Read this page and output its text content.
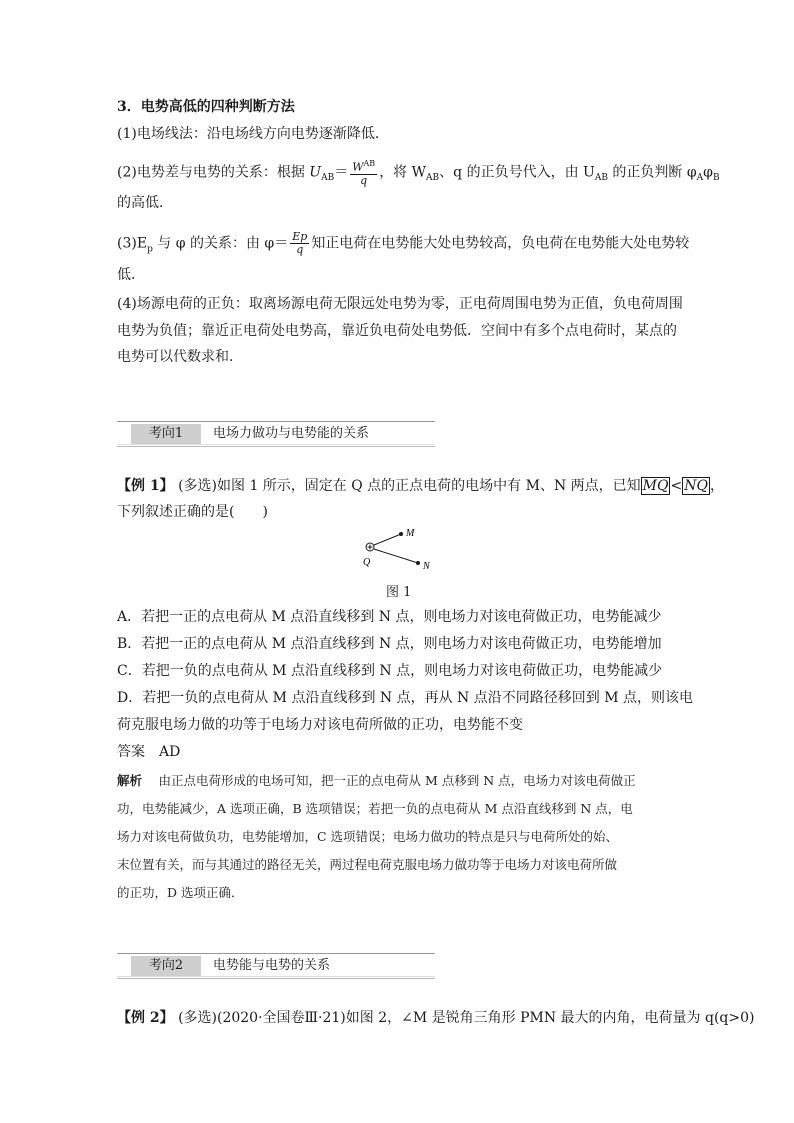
3．电势高低的四种判断方法
(1)电场线法：沿电场线方向电势逐渐降低．
(2)电势差与电势的关系：根据 $U_{AB}= \frac{W^{AB}}{q}$ ，将 $W_{AB}$、q 的正负号代入，由 $U_{AB}$ 的正负判断 $\varphi_A\varphi_B$
的高低．
$(3)E_p$ 与 φ 的关系：由 $\varphi= \frac{Ep}{q}$ 知正电荷在电势能大处电势较高，负电荷在电势能大处电势较
低．
(4)场源电荷的正负：取离场源电荷无限远处电势为零，正电荷周围电势为正值，负电荷周围
电势为负值；靠近正电荷处电势高，靠近负电荷处电势低．空间中有多个点电荷时，某点的
电势可以代数求和．
考向1	电场力做功与电势能的关系
【例 1】 (多选)如图 1 所示，固定在 Q 点的正点电荷的电场中有 M、N 两点，已知 MQ < NQ ，
下列叙述正确的是(　　)
Q
M
N
图 1
A．若把一正的点电荷从 M 点沿直线移到 N 点，则电场力对该电荷做正功，电势能减少
B．若把一正的点电荷从 M 点沿直线移到 N 点，则电场力对该电荷做正功，电势能增加
C．若把一负的点电荷从 M 点沿直线移到 N 点，则电场力对该电荷做正功，电势能减少
D．若把一负的点电荷从 M 点沿直线移到 N 点，再从 N 点沿不同路径移回到 M 点，则该电
荷克服电场力做的功等于电场力对该电荷所做的正功，电势能不变
答案　 AD
解析　 由正点电荷形成的电场可知，把一正的点电荷从 M 点移到 N 点，电场力对该电荷做正
功，电势能减少，A 选项正确，B 选项错误；若把一负的点电荷从 M 点沿直线移到 N 点，电
场力对该电荷做负功，电势能增加，C 选项错误；电场力做功的特点是只与电荷所处的始、
末位置有关，而与其通过的路径无关，两过程电荷克服电场力做功等于电场力对该电荷所做
的正功，D 选项正确．
考向2	电势能与电势的关系
【例 2】 (多选)(2020·全国卷Ⅲ·21)如图 2，∠M 是锐角三角形 PMN 最大的内角，电荷量为 q(q>0)
